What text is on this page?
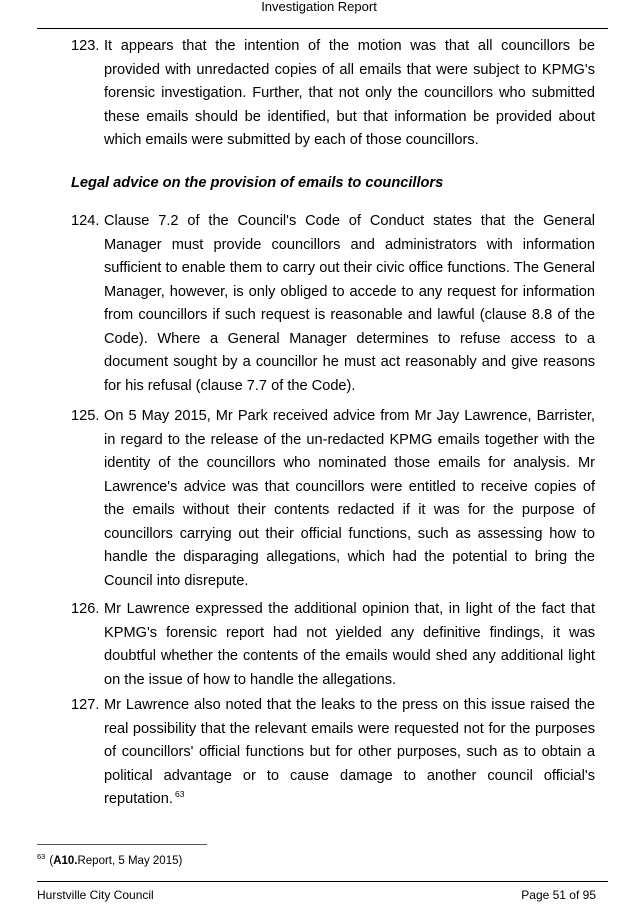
Investigation Report
123. It appears that the intention of the motion was that all councillors be provided with unredacted copies of all emails that were subject to KPMG's forensic investigation. Further, that not only the councillors who submitted these emails should be identified, but that information be provided about which emails were submitted by each of those councillors.
Legal advice on the provision of emails to councillors
124. Clause 7.2 of the Council's Code of Conduct states that the General Manager must provide councillors and administrators with information sufficient to enable them to carry out their civic office functions. The General Manager, however, is only obliged to accede to any request for information from councillors if such request is reasonable and lawful (clause 8.8 of the Code). Where a General Manager determines to refuse access to a document sought by a councillor he must act reasonably and give reasons for his refusal (clause 7.7 of the Code).
125. On 5 May 2015, Mr Park received advice from Mr Jay Lawrence, Barrister, in regard to the release of the un-redacted KPMG emails together with the identity of the councillors who nominated those emails for analysis. Mr Lawrence's advice was that councillors were entitled to receive copies of the emails without their contents redacted if it was for the purpose of councillors carrying out their official functions, such as assessing how to handle the disparaging allegations, which had the potential to bring the Council into disrepute.
126. Mr Lawrence expressed the additional opinion that, in light of the fact that KPMG's forensic report had not yielded any definitive findings, it was doubtful whether the contents of the emails would shed any additional light on the issue of how to handle the allegations.
127. Mr Lawrence also noted that the leaks to the press on this issue raised the real possibility that the relevant emails were requested not for the purposes of councillors' official functions but for other purposes, such as to obtain a political advantage or to cause damage to another council official's reputation. $^{63}$
$^{63}$ (A10.Report, 5 May 2015)
Hurstville City Council	Page 51 of 95
